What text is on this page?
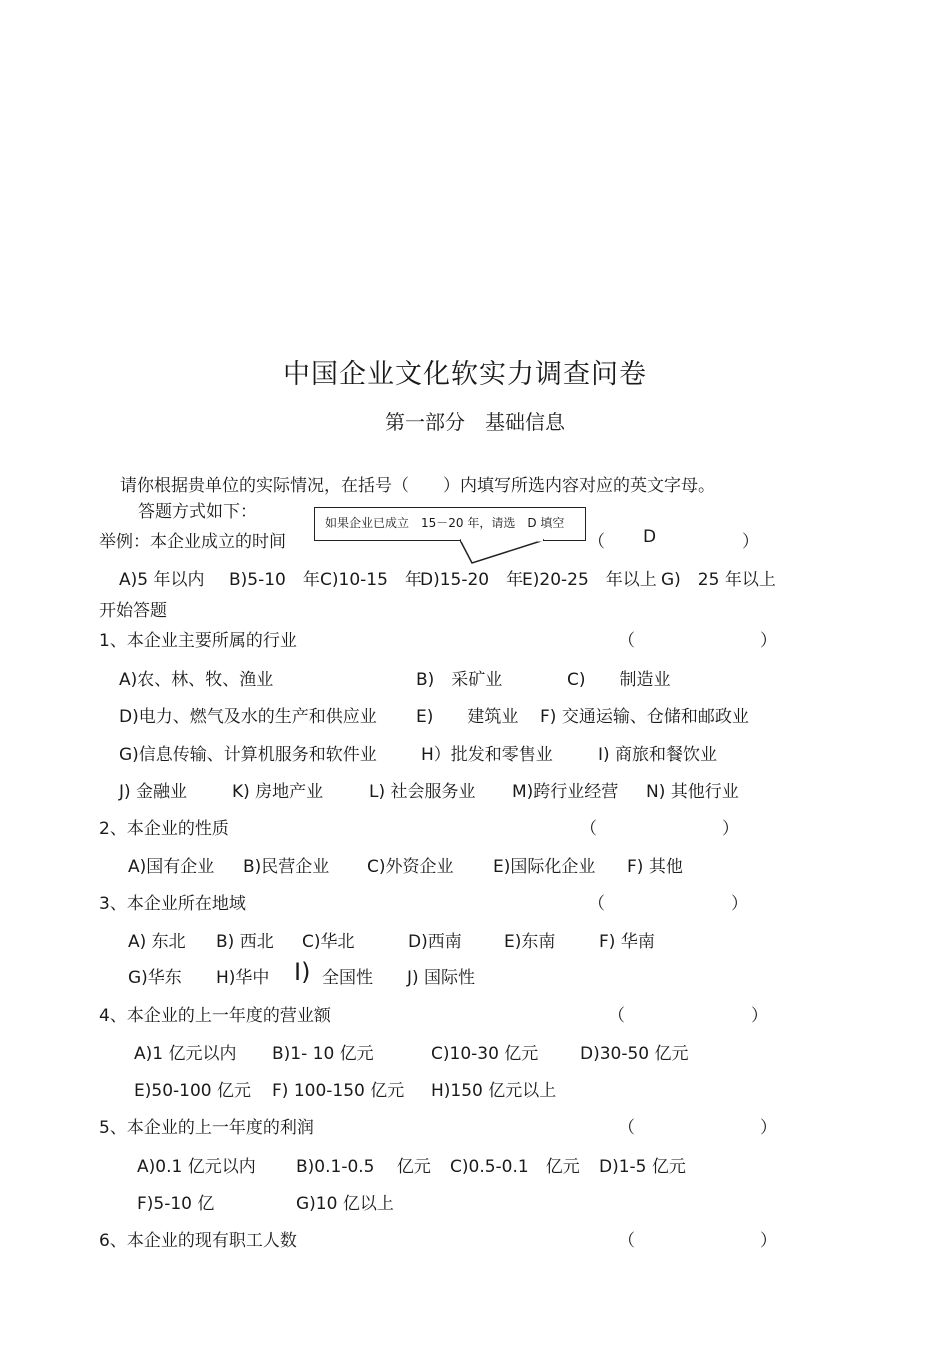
中国企业文化软实力调查问卷
第一部分　基础信息
请你根据贵单位的实际情况，在括号（　　）内填写所选内容对应的英文字母。
答题方式如下：
举例：本企业成立的时间
如果企业已成立　15－20 年，请选　D 填空
（ D	）
A)5 年以内 B)5-10　年 C)10-15　年
D)15-20　年
E)20-25　年以上 G)　25 年以上
开始答题
1、本企业主要所属的行业	（	）
A)农、林、牧、渔业	B)　采矿业	C)　　制造业
D)电力、燃气及水的生产和供应业 E)　　建筑业 F) 交通运输、仓储和邮政业
G)信息传输、计算机服务和软件业	H）批发和零售业	I) 商旅和餐饮业
J) 金融业	K) 房地产业	L) 社会服务业 M)跨行业经营 N) 其他行业
2、本企业的性质	（	）
A)国有企业 B)民营企业 C)外资企业 E)国际化企业 F) 其他
3、本企业所在地域	（	）
A) 东北 B) 西北 C)华北	D)西南 E)东南	F) 华南
G)华东 H)华中 I) 全国性 J) 国际性
4、本企业的上一年度的营业额	（	）
A)1 亿元以内 B)1- 10 亿元	C)10-30 亿元 D)30-50 亿元
E)50-100 亿元 F) 100-150 亿元 H)150 亿元以上
5、本企业的上一年度的利润	（	）
A)0.1 亿元以内 B)0.1-0.5　 亿元 C)0.5-0.1　亿元 D)1-5 亿元
F)5-10 亿	G)10 亿以上
6、本企业的现有职工人数	（	）
